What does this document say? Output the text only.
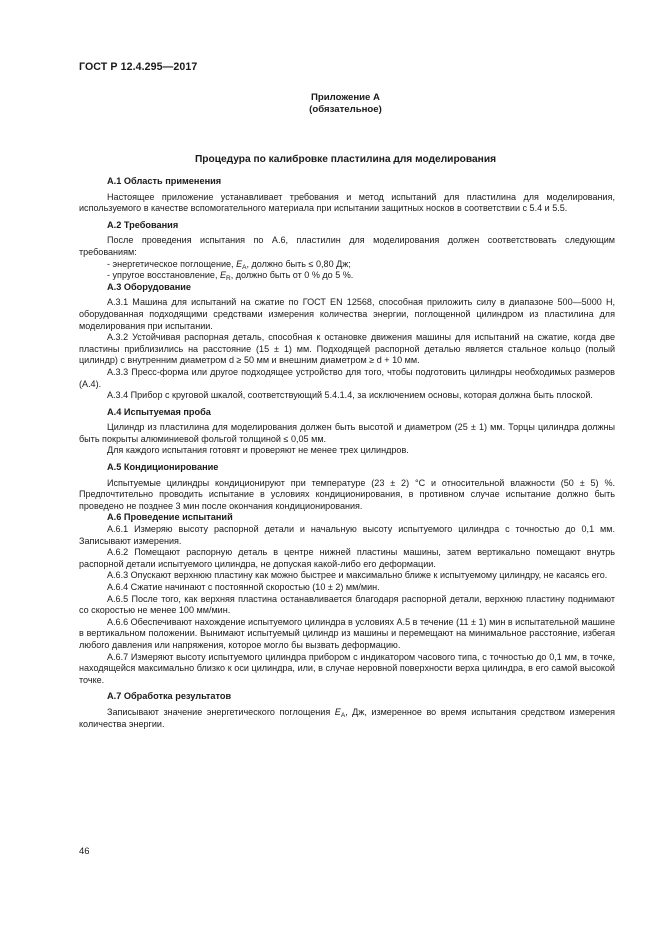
ГОСТ Р 12.4.295—2017
Приложение А
(обязательное)
Процедура по калибровке пластилина для моделирования

А.1 Область применения

Настоящее приложение устанавливает требования и метод испытаний для пластилина для моделирования, используемого в качестве вспомогательного материала при испытании защитных носков в соответствии с 5.4 и 5.5.

А.2 Требования

После проведения испытания по А.6, пластилин для моделирования должен соответствовать следующим требованиям:

- энергетическое поглощение, $E_A$, должно быть ≤ 0,80 Дж;

- упругое восстановление, $E_R$, должно быть от 0 % до 5 %.

А.3 Оборудование

А.3.1 Машина для испытаний на сжатие по ГОСТ EN 12568, способная приложить силу в диапазоне 500—5000 Н, оборудованная подходящими средствами измерения количества энергии, поглощенной цилиндром из пластилина для моделирования при испытании.

А.3.2 Устойчивая распорная деталь, способная к остановке движения машины для испытаний на сжатие, когда две пластины приблизились на расстояние (15 ± 1) мм. Подходящей распорной деталью является стальное кольцо (полый цилиндр) с внутренним диаметром d ≥ 50 мм и внешним диаметром ≥ d + 10 мм.

А.3.3 Пресс-форма или другое подходящее устройство для того, чтобы подготовить цилиндры необходимых размеров (А.4).

А.3.4 Прибор с круговой шкалой, соответствующий 5.4.1.4, за исключением основы, которая должна быть плоской.

А.4 Испытуемая проба

Цилиндр из пластилина для моделирования должен быть высотой и диаметром (25 ± 1) мм. Торцы цилиндра должны быть покрыты алюминиевой фольгой толщиной ≤ 0,05 мм.

Для каждого испытания готовят и проверяют не менее трех цилиндров.

А.5 Кондиционирование

Испытуемые цилиндры кондиционируют при температуре (23 ± 2) °С и относительной влажности (50 ± 5) %. Предпочтительно проводить испытание в условиях кондиционирования, в противном случае испытание должно быть проведено не позднее 3 мин после окончания кондиционирования.

А.6 Проведение испытаний

А.6.1 Измеряю высоту распорной детали и начальную высоту испытуемого цилиндра с точностью до 0,1 мм. Записывают измерения.

А.6.2 Помещают распорную деталь в центре нижней пластины машины, затем вертикально помещают внутрь распорной детали испытуемого цилиндра, не допуская какой-либо его деформации.

А.6.3 Опускают верхнюю пластину как можно быстрее и максимально ближе к испытуемому цилиндру, не касаясь его.

А.6.4 Сжатие начинают с постоянной скоростью (10 ± 2) мм/мин.

А.6.5 После того, как верхняя пластина останавливается благодаря распорной детали, верхнюю пластину поднимают со скоростью не менее 100 мм/мин.

А.6.6 Обеспечивают нахождение испытуемого цилиндра в условиях А.5 в течение (11 ± 1) мин в испытательной машине в вертикальном положении. Вынимают испытуемый цилиндр из машины и перемещают на минимальное расстояние, избегая любого давления или напряжения, которое могло бы вызвать деформацию.

А.6.7 Измеряют высоту испытуемого цилиндра прибором с индикатором часового типа, с точностью до 0,1 мм, в точке, находящейся максимально близко к оси цилиндра, или, в случае неровной поверхности верха цилиндра, в его самой высокой точке.

А.7 Обработка результатов

Записывают значение энергетического поглощения $E_A$, Дж, измеренное во время испытания средством измерения количества энергии.

46
